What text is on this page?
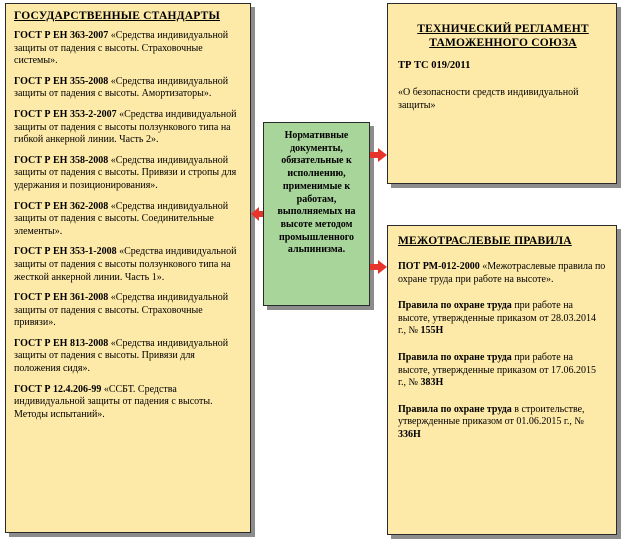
ГОСУДАРСТВЕННЫЕ СТАНДАРТЫ
ГОСТ Р ЕН 363-2007 «Средства индивидуальной защиты от падения с высоты. Страховочные системы».
ГОСТ Р ЕН 355-2008 «Средства индивидуальной защиты от падения с высоты. Амортизаторы».
ГОСТ Р ЕН 353-2-2007 «Средства индивидуальной защиты от падения с высоты ползункового типа на гибкой анкерной линии. Часть 2».
ГОСТ Р ЕН 358-2008 «Средства индивидуальной защиты от падения с высоты. Привязи и стропы для удержания и позиционирования».
ГОСТ Р ЕН 362-2008 «Средства индивидуальной защиты от падения с высоты. Соединительные элементы».
ГОСТ Р ЕН 353-1-2008 «Средства индивидуальной защиты от падения с высоты ползункового типа на жесткой анкерной линии. Часть 1».
ГОСТ Р ЕН 361-2008 «Средства индивидуальной защиты от падения с высоты. Страховочные привязи».
ГОСТ Р ЕН 813-2008 «Средства индивидуальной защиты от падения с высоты. Привязи для положения сидя».
ГОСТ Р 12.4.206-99 «ССБТ. Средства индивидуальной защиты от падения с высоты. Методы испытаний».
Нормативные документы, обязательные к исполнению, применимые к работам, выполняемых на высоте методом промышленного альпинизма.
ТЕХНИЧЕСКИЙ РЕГЛАМЕНТ ТАМОЖЕННОГО СОЮЗА
ТР ТС 019/2011
«О безопасности средств индивидуальной защиты»
МЕЖОТРАСЛЕВЫЕ ПРАВИЛА
ПОТ РМ-012-2000 «Межотраслевые правила по охране труда при работе на высоте».
Правила по охране труда при работе на высоте, утвержденные приказом от 28.03.2014 г., № 155Н
Правила по охране труда при работе на высоте, утвержденные приказом от 17.06.2015 г., № 383Н
Правила по охране труда в строительстве, утвержденные приказом от 01.06.2015 г., № 336Н
